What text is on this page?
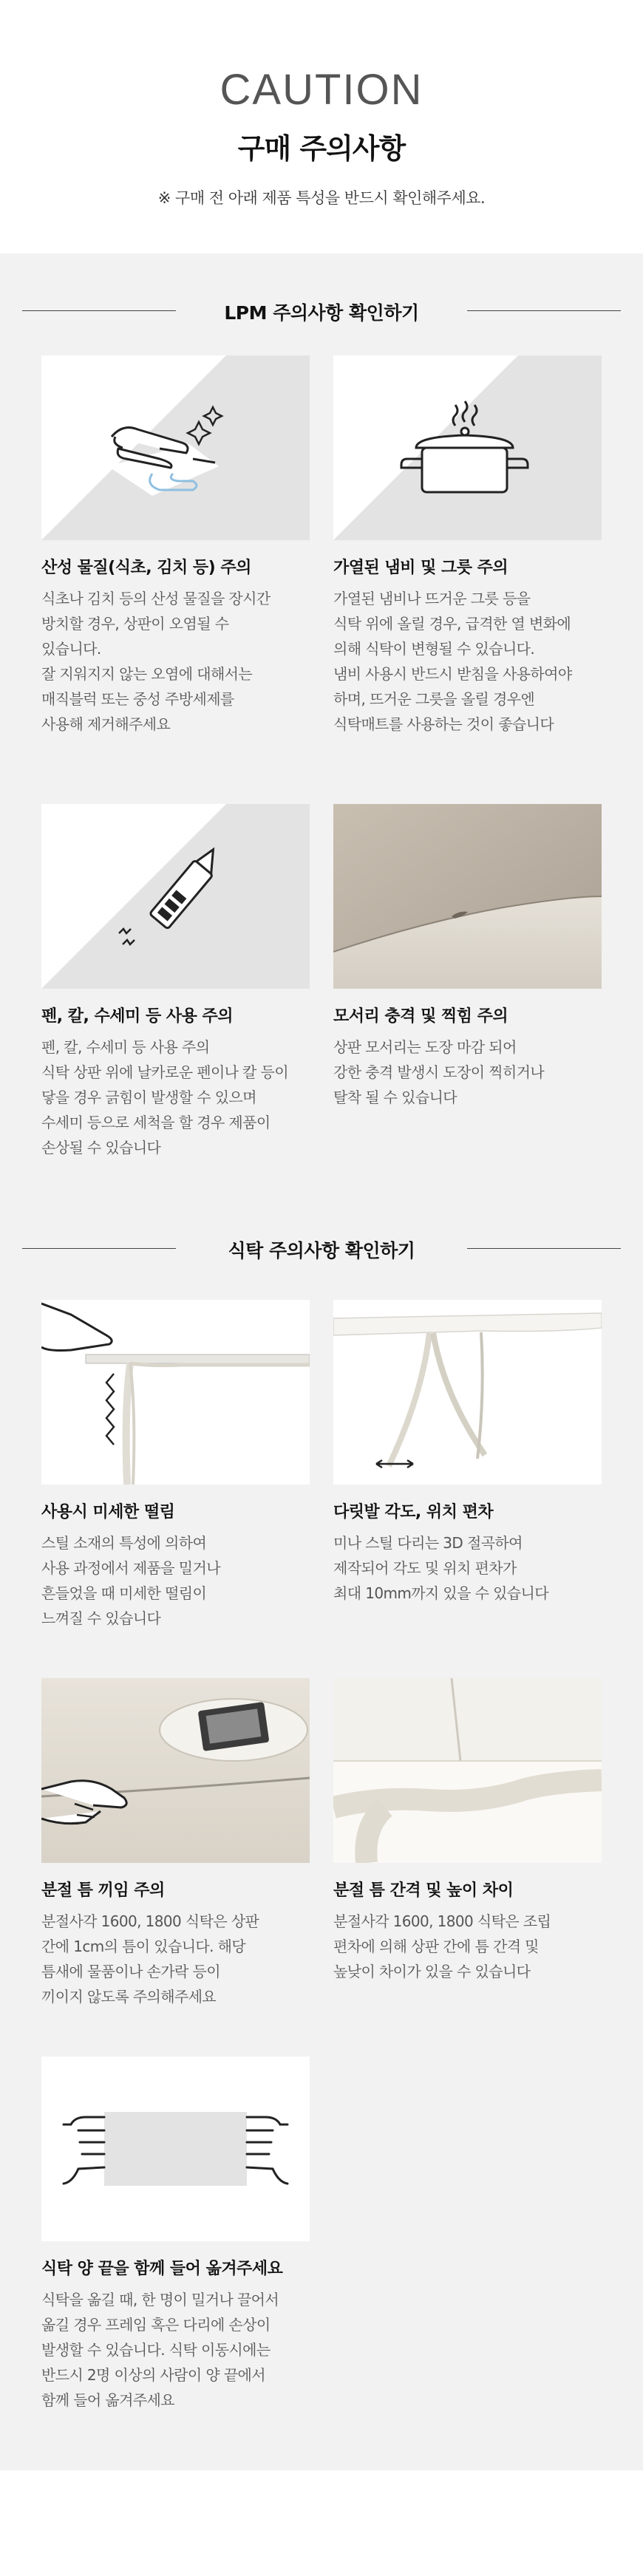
CAUTION
구매 주의사항
※ 구매 전 아래 제품 특성을 반드시 확인해주세요.
LPM 주의사항 확인하기
산성 물질(식초, 김치 등) 주의
식초나 김치 등의 산성 물질을 장시간
방치할 경우, 상판이 오염될 수
있습니다.
잘 지워지지 않는 오염에 대해서는
매직블럭 또는 중성 주방세제를
사용해 제거해주세요
가열된 냄비 및 그릇 주의
가열된 냄비나 뜨거운 그릇 등을
식탁 위에 올릴 경우, 급격한 열 변화에
의해 식탁이 변형될 수 있습니다.
냄비 사용시 반드시 받침을 사용하여야
하며, 뜨거운 그릇을 올릴 경우엔
식탁매트를 사용하는 것이 좋습니다
펜, 칼, 수세미 등 사용 주의
펜, 칼, 수세미 등 사용 주의
식탁 상판 위에 날카로운 펜이나 칼 등이
닿을 경우 긁힘이 발생할 수 있으며
수세미 등으로 세척을 할 경우 제품이
손상될 수 있습니다
모서리 충격 및 찍힘 주의
상판 모서리는 도장 마감 되어
강한 충격 발생시 도장이 찍히거나
탈착 될 수 있습니다
식탁 주의사항 확인하기
사용시 미세한 떨림
스틸 소재의 특성에 의하여
사용 과정에서 제품을 밀거나
흔들었을 때 미세한 떨림이
느껴질 수 있습니다
다릿발 각도, 위치 편차
미나 스틸 다리는 3D 절곡하여
제작되어 각도 및 위치 편차가
최대 10mm까지 있을 수 있습니다
분절 틈 끼임 주의
분절사각 1600, 1800 식탁은 상판
간에 1cm의 틈이 있습니다. 해당
틈새에 물품이나 손가락 등이
끼이지 않도록 주의해주세요
분절 틈 간격 및 높이 차이
분절사각 1600, 1800 식탁은 조립
편차에 의해 상판 간에 틈 간격 및
높낮이 차이가 있을 수 있습니다
식탁 양 끝을 함께 들어 옮겨주세요
식탁을 옮길 때, 한 명이 밀거나 끌어서
옮길 경우 프레임 혹은 다리에 손상이
발생할 수 있습니다. 식탁 이동시에는
반드시 2명 이상의 사람이 양 끝에서
함께 들어 옮겨주세요
